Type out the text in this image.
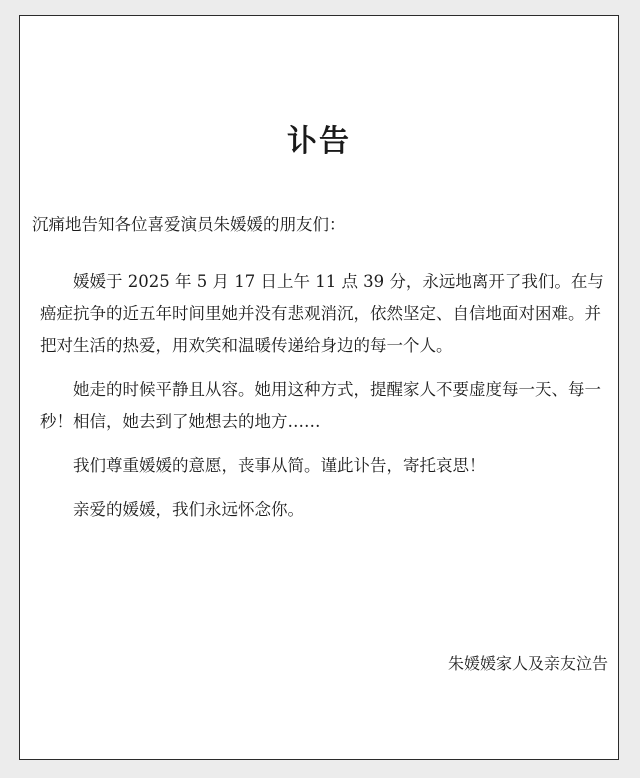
讣告

沉痛地告知各位喜爱演员朱媛媛的朋友们：

媛媛于 2025 年 5 月 17 日上午 11 点 39 分，永远地离开了我们。在与癌症抗争的近五年时间里她并没有悲观消沉，依然坚定、自信地面对困难。并把对生活的热爱，用欢笑和温暖传递给身边的每一个人。

她走的时候平静且从容。她用这种方式，提醒家人不要虚度每一天、每一秒！相信，她去到了她想去的地方……

我们尊重媛媛的意愿，丧事从简。谨此讣告，寄托哀思！

亲爱的媛媛，我们永远怀念你。

朱媛媛家人及亲友泣告
